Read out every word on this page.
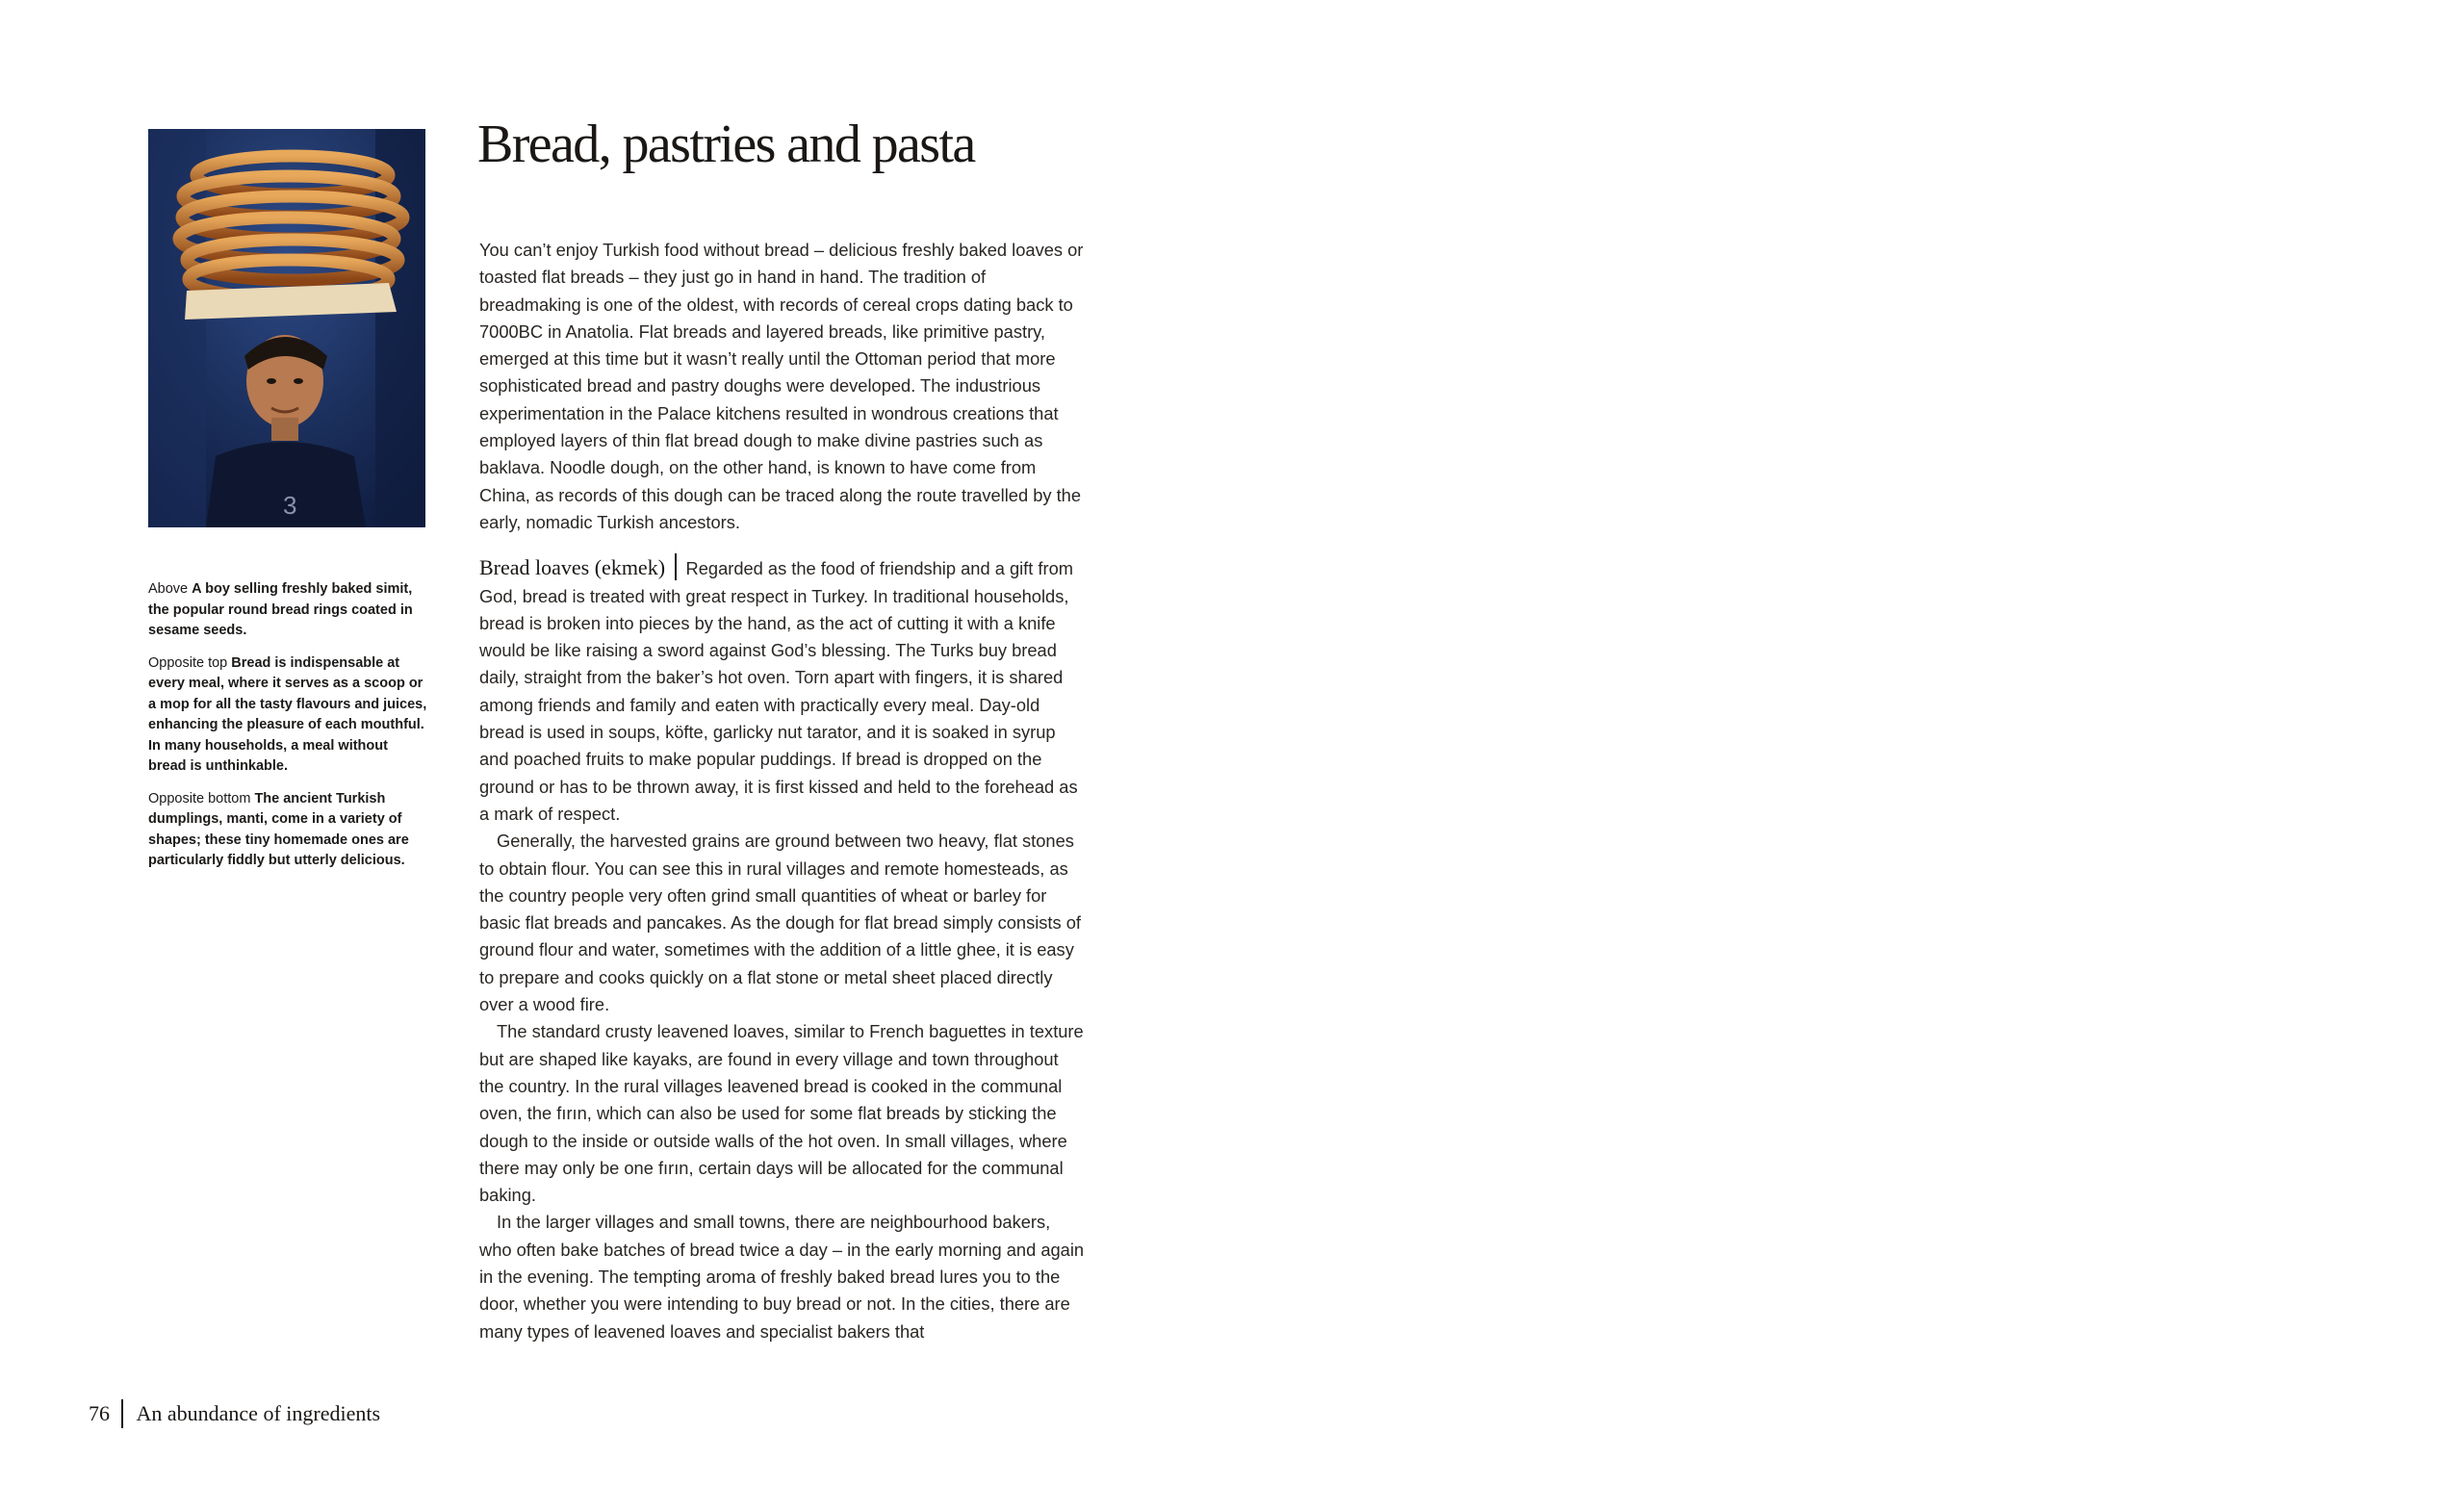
3

Above A boy selling freshly baked simit, the popular round bread rings coated in sesame seeds.

Opposite top Bread is indispensable at every meal, where it serves as a scoop or a mop for all the tasty flavours and juices, enhancing the pleasure of each mouthful. In many households, a meal without bread is unthinkable.

Opposite bottom The ancient Turkish dumplings, manti, come in a variety of shapes; these tiny homemade ones are particularly fiddly but utterly delicious.

Bread, pastries and pasta

You can’t enjoy Turkish food without bread – delicious freshly baked loaves or toasted flat breads – they just go in hand in hand. The tradition of breadmaking is one of the oldest, with records of cereal crops dating back to 7000BC in Anatolia. Flat breads and layered breads, like primitive pastry, emerged at this time but it wasn’t really until the Ottoman period that more sophisticated bread and pastry doughs were developed. The industrious experimentation in the Palace kitchens resulted in wondrous creations that employed layers of thin flat bread dough to make divine pastries such as baklava. Noodle dough, on the other hand, is known to have come from China, as records of this dough can be traced along the route travelled by the early, nomadic Turkish ancestors.

Bread loaves (ekmek) Regarded as the food of friendship and a gift from God, bread is treated with great respect in Turkey. In traditional households, bread is broken into pieces by the hand, as the act of cutting it with a knife would be like raising a sword against God’s blessing. The Turks buy bread daily, straight from the baker’s hot oven. Torn apart with fingers, it is shared among friends and family and eaten with practically every meal. Day-old bread is used in soups, köfte, garlicky nut tarator, and it is soaked in syrup and poached fruits to make popular puddings. If bread is dropped on the ground or has to be thrown away, it is first kissed and held to the forehead as a mark of respect.

Generally, the harvested grains are ground between two heavy, flat stones to obtain flour. You can see this in rural villages and remote homesteads, as the country people very often grind small quantities of wheat or barley for basic flat breads and pancakes. As the dough for flat bread simply consists of ground flour and water, sometimes with the addition of a little ghee, it is easy to prepare and cooks quickly on a flat stone or metal sheet placed directly over a wood fire.

The standard crusty leavened loaves, similar to French baguettes in texture but are shaped like kayaks, are found in every village and town throughout the country. In the rural villages leavened bread is cooked in the communal oven, the fırın, which can also be used for some flat breads by sticking the dough to the inside or outside walls of the hot oven. In small villages, where there may only be one fırın, certain days will be allocated for the communal baking.

In the larger villages and small towns, there are neighbourhood bakers, who often bake batches of bread twice a day – in the early morning and again in the evening. The tempting aroma of freshly baked bread lures you to the door, whether you were intending to buy bread or not. In the cities, there are many types of leavened loaves and specialist bakers that

76	An abundance of ingredients
